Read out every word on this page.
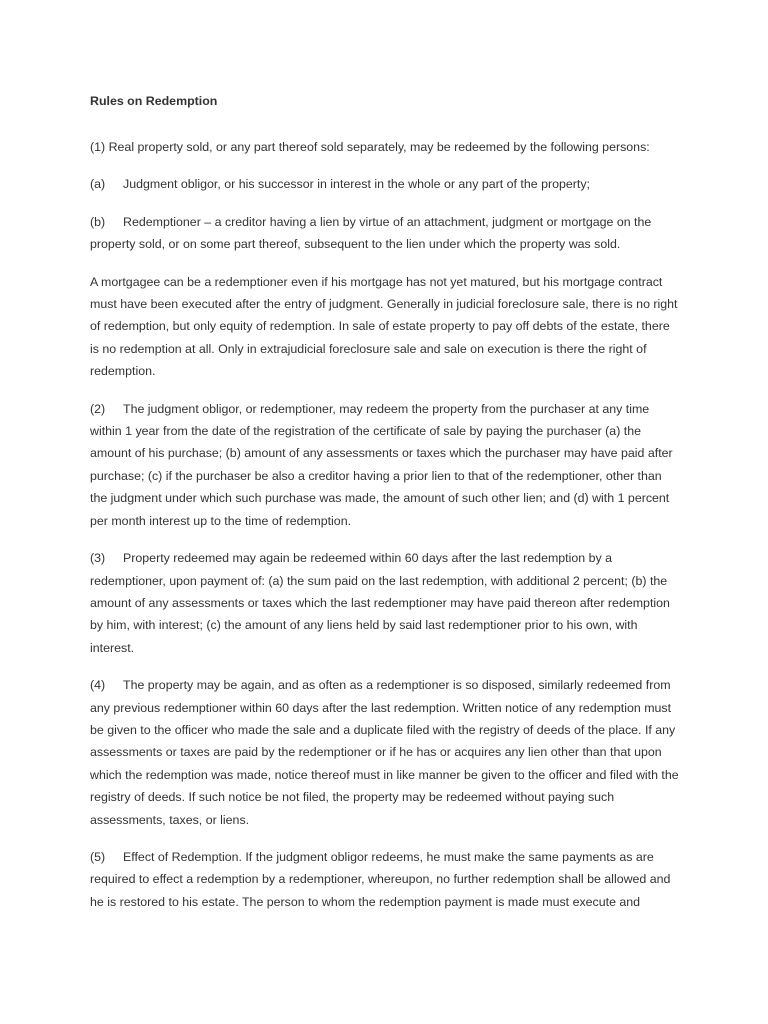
Rules on Redemption

(1) Real property sold, or any part thereof sold separately, may be redeemed by the following persons:

(a) Judgment obligor, or his successor in interest in the whole or any part of the property;

(b) Redemptioner – a creditor having a lien by virtue of an attachment, judgment or mortgage on the property sold, or on some part thereof, subsequent to the lien under which the property was sold.

A mortgagee can be a redemptioner even if his mortgage has not yet matured, but his mortgage contract must have been executed after the entry of judgment. Generally in judicial foreclosure sale, there is no right of redemption, but only equity of redemption. In sale of estate property to pay off debts of the estate, there is no redemption at all. Only in extrajudicial foreclosure sale and sale on execution is there the right of redemption.

(2) The judgment obligor, or redemptioner, may redeem the property from the purchaser at any time within 1 year from the date of the registration of the certificate of sale by paying the purchaser (a) the amount of his purchase; (b) amount of any assessments or taxes which the purchaser may have paid after purchase; (c) if the purchaser be also a creditor having a prior lien to that of the redemptioner, other than the judgment under which such purchase was made, the amount of such other lien; and (d) with 1 percent per month interest up to the time of redemption.

(3) Property redeemed may again be redeemed within 60 days after the last redemption by a redemptioner, upon payment of: (a) the sum paid on the last redemption, with additional 2 percent; (b) the amount of any assessments or taxes which the last redemptioner may have paid thereon after redemption by him, with interest; (c) the amount of any liens held by said last redemptioner prior to his own, with interest.

(4) The property may be again, and as often as a redemptioner is so disposed, similarly redeemed from any previous redemptioner within 60 days after the last redemption. Written notice of any redemption must be given to the officer who made the sale and a duplicate filed with the registry of deeds of the place. If any assessments or taxes are paid by the redemptioner or if he has or acquires any lien other than that upon which the redemption was made, notice thereof must in like manner be given to the officer and filed with the registry of deeds. If such notice be not filed, the property may be redeemed without paying such assessments, taxes, or liens.

(5) Effect of Redemption. If the judgment obligor redeems, he must make the same payments as are required to effect a redemption by a redemptioner, whereupon, no further redemption shall be allowed and he is restored to his estate. The person to whom the redemption payment is made must execute and
